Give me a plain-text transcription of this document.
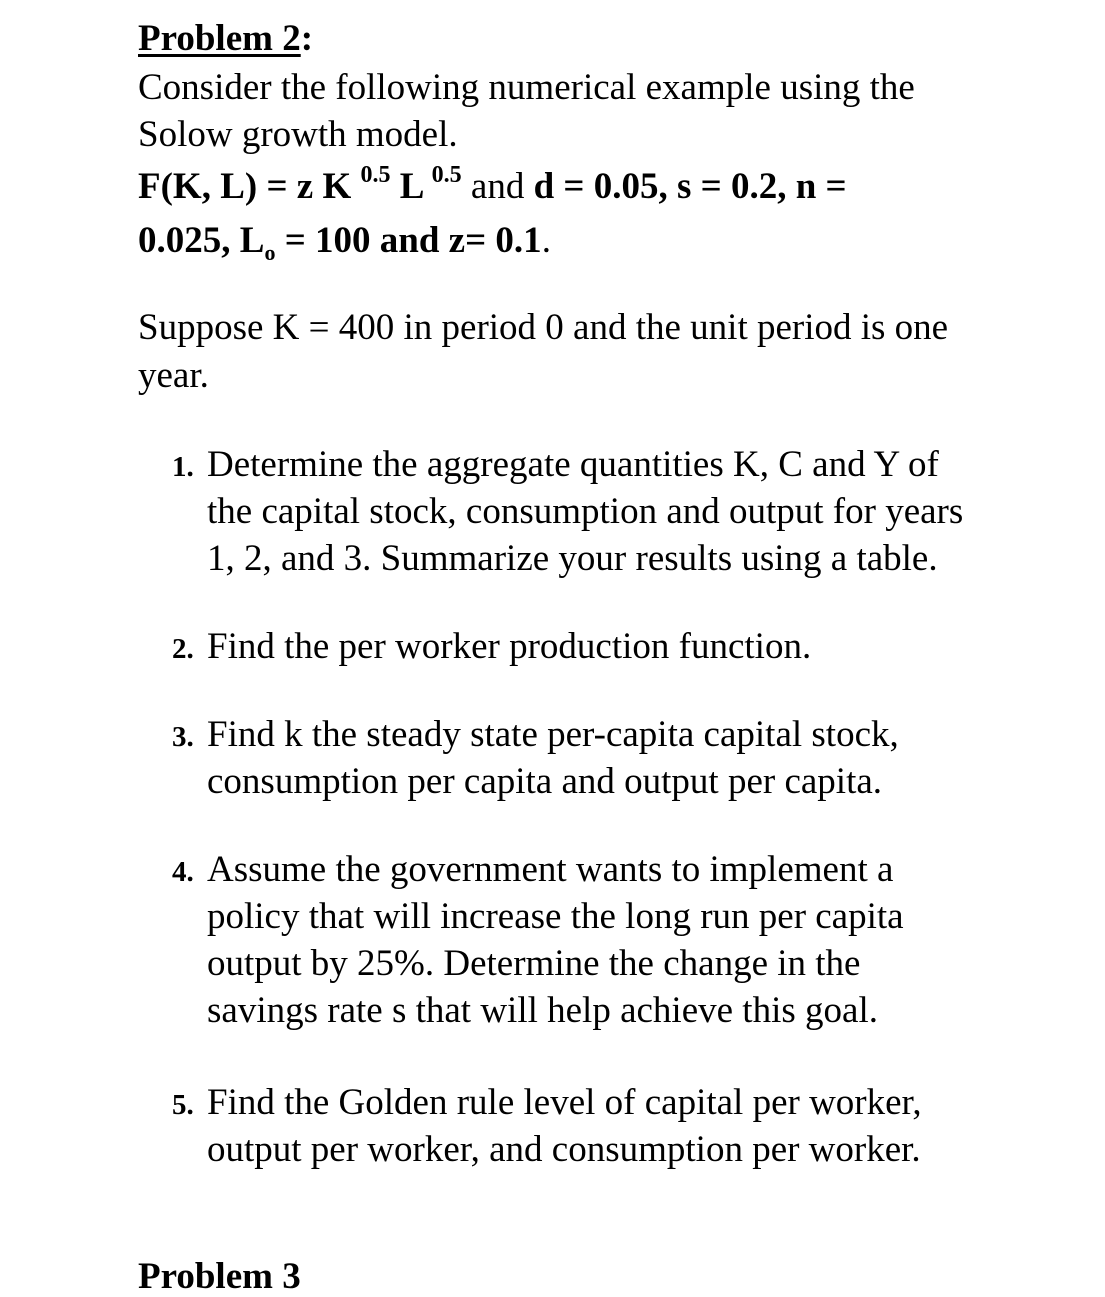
Problem 2:
Consider the following numerical example using the
Solow growth model.
F(K, L) = z K $^{0.5}$ L $^{0.5}$ and d = 0.05, s = 0.2, n =
0.025, $L_o = 100$ and z= 0.1.
Suppose K = 400 in period 0 and the unit period is one
year.
1. Determine the aggregate quantities K, C and Y of
the capital stock, consumption and output for years
1, 2, and 3. Summarize your results using a table.
2. Find the per worker production function.
3. Find k the steady state per-capita capital stock,
consumption per capita and output per capita.
4. Assume the government wants to implement a
policy that will increase the long run per capita
output by 25%. Determine the change in the
savings rate s that will help achieve this goal.
5. Find the Golden rule level of capital per worker,
output per worker, and consumption per worker.
Problem 3
